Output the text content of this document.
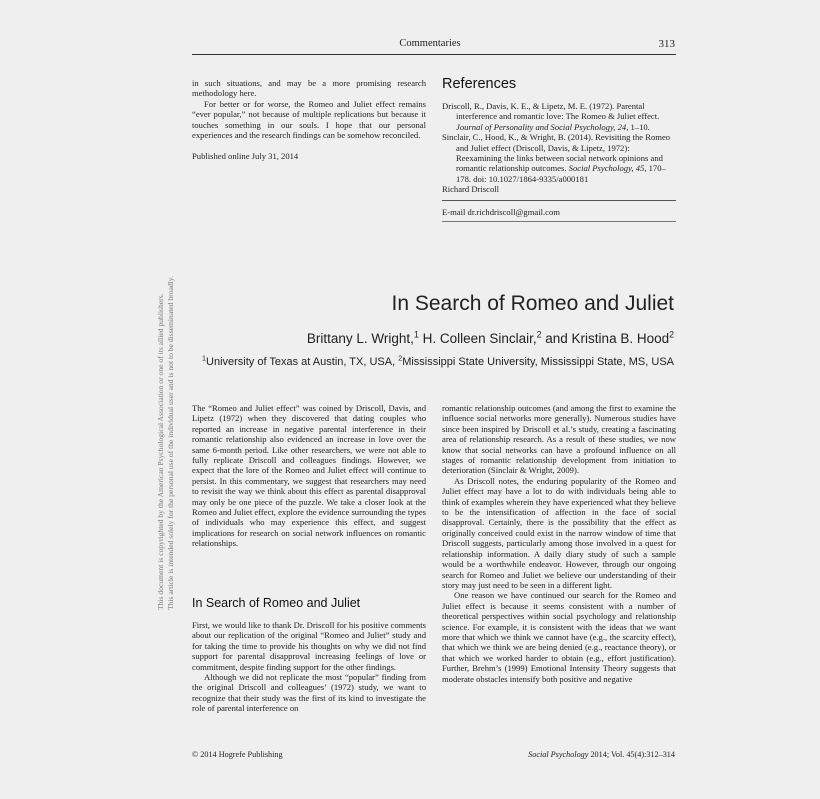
Commentaries	313
This document is copyrighted by the American Psychological Association or one of its allied publishers. This article is intended solely for the personal use of the individual user and is not to be disseminated broadly.

in such situations, and may be a more promising research methodology here.

For better or for worse, the Romeo and Juliet effect remains “ever popular,” not because of multiple replications but because it touches something in our souls. I hope that our personal experiences and the research findings can be somehow reconciled.

Published online July 31, 2014

References

Driscoll, R., Davis, K. E., & Lipetz, M. E. (1972). Parental interference and romantic love: The Romeo & Juliet effect. Journal of Personality and Social Psychology, 24, 1–10.

Sinclair, C., Hood, K., & Wright, B. (2014). Revisiting the Romeo and Juliet effect (Driscoll, Davis, & Lipetz, 1972): Reexamining the links between social network opinions and romantic relationship outcomes. Social Psychology, 45, 170–178. doi: 10.1027/1864-9335/a000181

Richard Driscoll
E-mail dr.richdriscoll@gmail.com
In Search of Romeo and Juliet
Brittany L. Wright,$^1$ H. Colleen Sinclair,$^2$ and Kristina B. Hood$^2$
$^1$University of Texas at Austin, TX, USA, $^2$Mississippi State University, Mississippi State, MS, USA

The “Romeo and Juliet effect” was coined by Driscoll, Davis, and Lipetz (1972) when they discovered that dating couples who reported an increase in negative parental interference in their romantic relationship also evidenced an increase in love over the same 6-month period. Like other researchers, we were not able to fully replicate Driscoll and colleagues findings. However, we expect that the lore of the Romeo and Juliet effect will continue to persist. In this commentary, we suggest that researchers may need to revisit the way we think about this effect as parental disapproval may only be one piece of the puzzle. We take a closer look at the Romeo and Juliet effect, explore the evidence surrounding the types of individuals who may experience this effect, and suggest implications for research on social network influences on romantic relationships.

In Search of Romeo and Juliet

First, we would like to thank Dr. Driscoll for his positive comments about our replication of the original “Romeo and Juliet” study and for taking the time to provide his thoughts on why we did not find support for parental disapproval increasing feelings of love or commitment, despite finding support for the other findings.

Although we did not replicate the most “popular” finding from the original Driscoll and colleagues’ (1972) study, we want to recognize that their study was the first of its kind to investigate the role of parental interference on

romantic relationship outcomes (and among the first to examine the influence social networks more generally). Numerous studies have since been inspired by Driscoll et al.’s study, creating a fascinating area of relationship research. As a result of these studies, we now know that social networks can have a profound influence on all stages of romantic relationship development from initiation to deterioration (Sinclair & Wright, 2009).

As Driscoll notes, the enduring popularity of the Romeo and Juliet effect may have a lot to do with individuals being able to think of examples wherein they have experienced what they believe to be the intensification of affection in the face of social disapproval. Certainly, there is the possibility that the effect as originally conceived could exist in the narrow window of time that Driscoll suggests, particularly among those involved in a quest for relationship information. A daily diary study of such a sample would be a worthwhile endeavor. However, through our ongoing search for Romeo and Juliet we believe our understanding of their story may just need to be seen in a different light.

One reason we have continued our search for the Romeo and Juliet effect is because it seems consistent with a number of theoretical perspectives within social psychology and relationship science. For example, it is consistent with the ideas that we want more that which we think we cannot have (e.g., the scarcity effect), that which we think we are being denied (e.g., reactance theory), or that which we worked harder to obtain (e.g., effort justification). Further, Brehm’s (1999) Emotional Intensity Theory suggests that moderate obstacles intensify both positive and negative

© 2014 Hogrefe Publishing	Social Psychology 2014; Vol. 45(4):312–314
